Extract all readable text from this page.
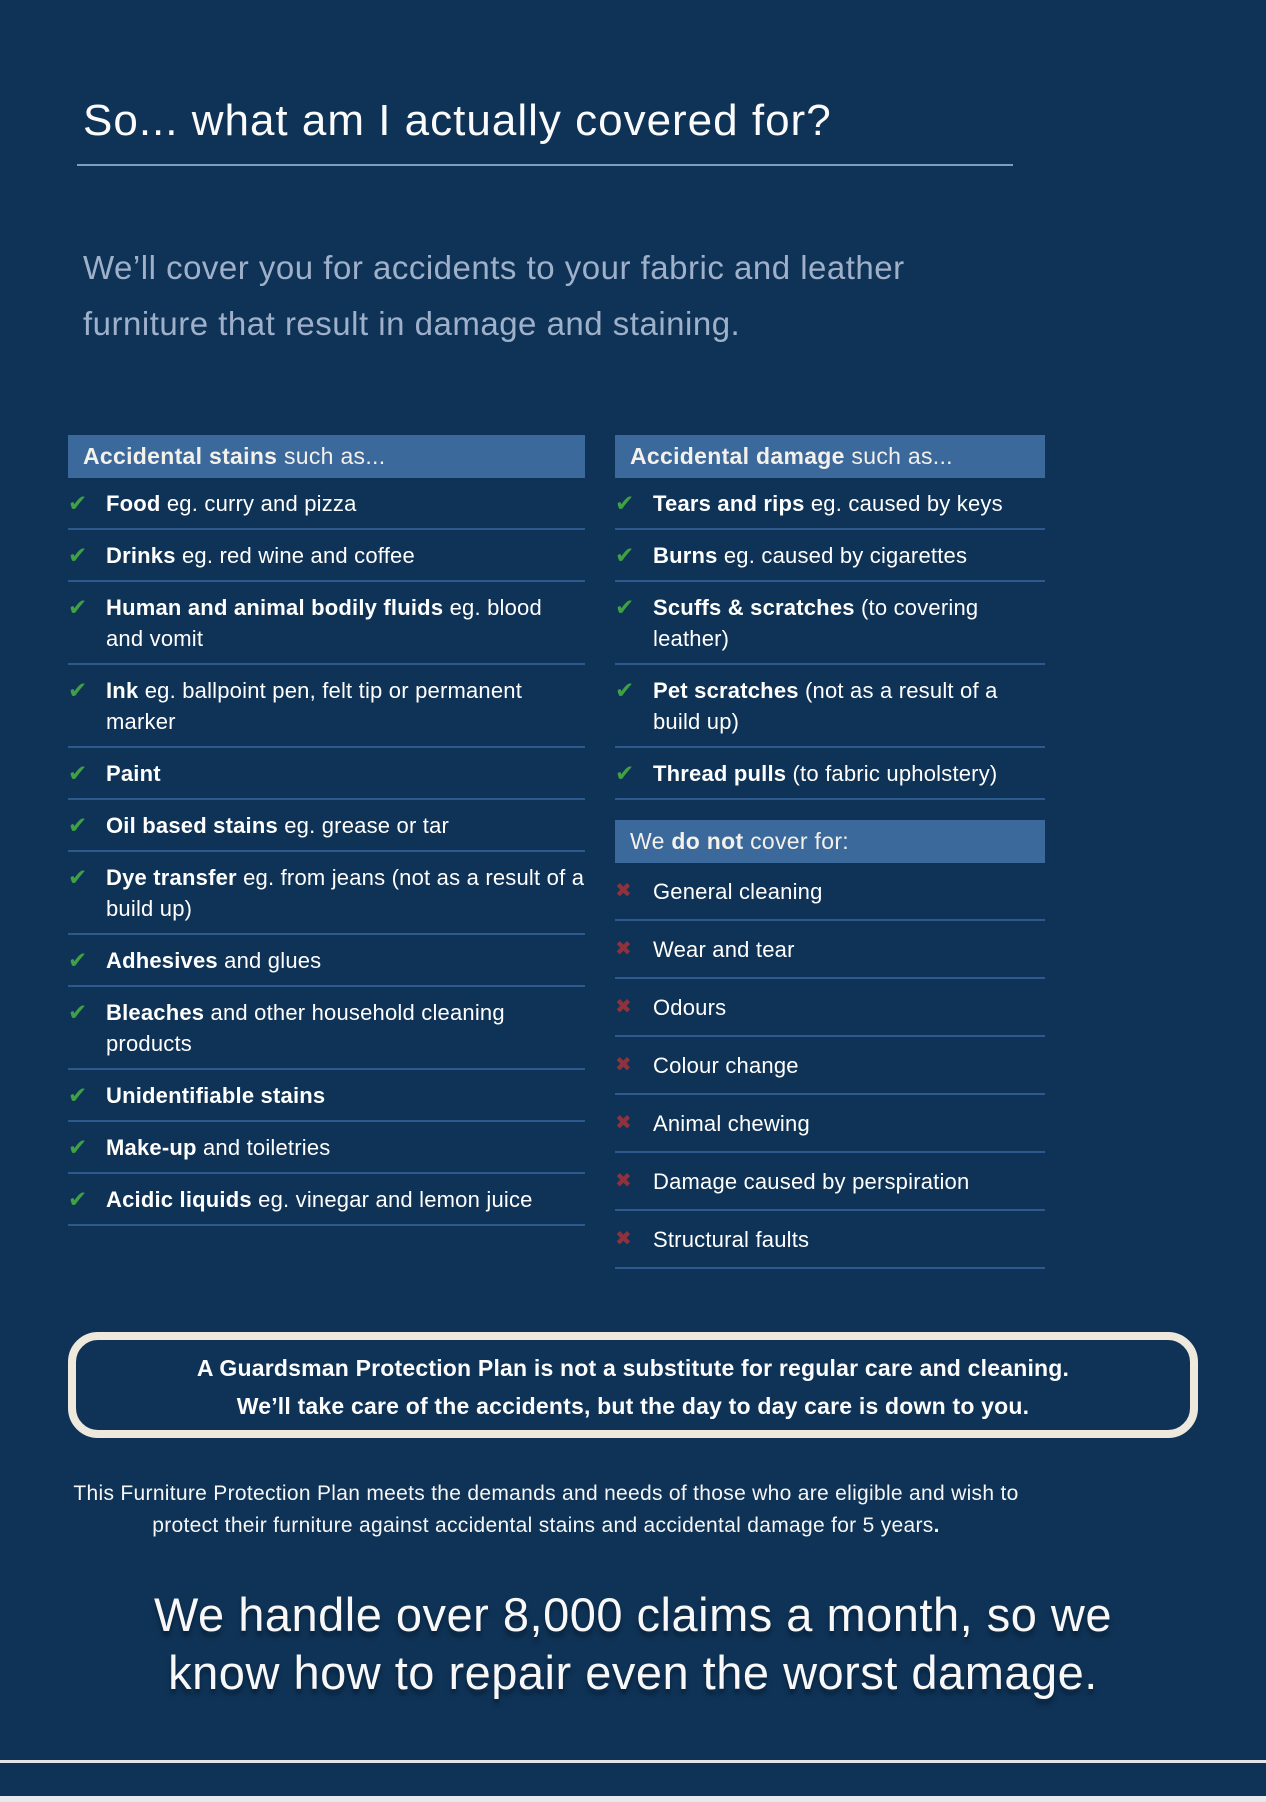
So... what am I actually covered for?
We’ll cover you for accidents to your fabric and leather furniture that result in damage and staining.
Accidental stains such as...
✔ Food eg. curry and pizza
✔ Drinks eg. red wine and coffee
✔ Human and animal bodily fluids eg. blood and vomit
✔ Ink eg. ballpoint pen, felt tip or permanent marker
✔ Paint
✔ Oil based stains eg. grease or tar
✔ Dye transfer eg. from jeans (not as a result of a build up)
✔ Adhesives and glues
✔ Bleaches and other household cleaning products
✔ Unidentifiable stains
✔ Make-up and toiletries
✔ Acidic liquids eg. vinegar and lemon juice
Accidental damage such as...
✔ Tears and rips eg. caused by keys
✔ Burns eg. caused by cigarettes
✔ Scuffs & scratches (to covering leather)
✔ Pet scratches (not as a result of a build up)
✔ Thread pulls (to fabric upholstery)
We do not cover for:
✖ General cleaning
✖ Wear and tear
✖ Odours
✖ Colour change
✖ Animal chewing
✖ Damage caused by perspiration
✖ Structural faults
A Guardsman Protection Plan is not a substitute for regular care and cleaning.
We’ll take care of the accidents, but the day to day care is down to you.
This Furniture Protection Plan meets the demands and needs of those who are eligible and wish to protect their furniture against accidental stains and accidental damage for 5 years.
We handle over 8,000 claims a month, so we
know how to repair even the worst damage.
